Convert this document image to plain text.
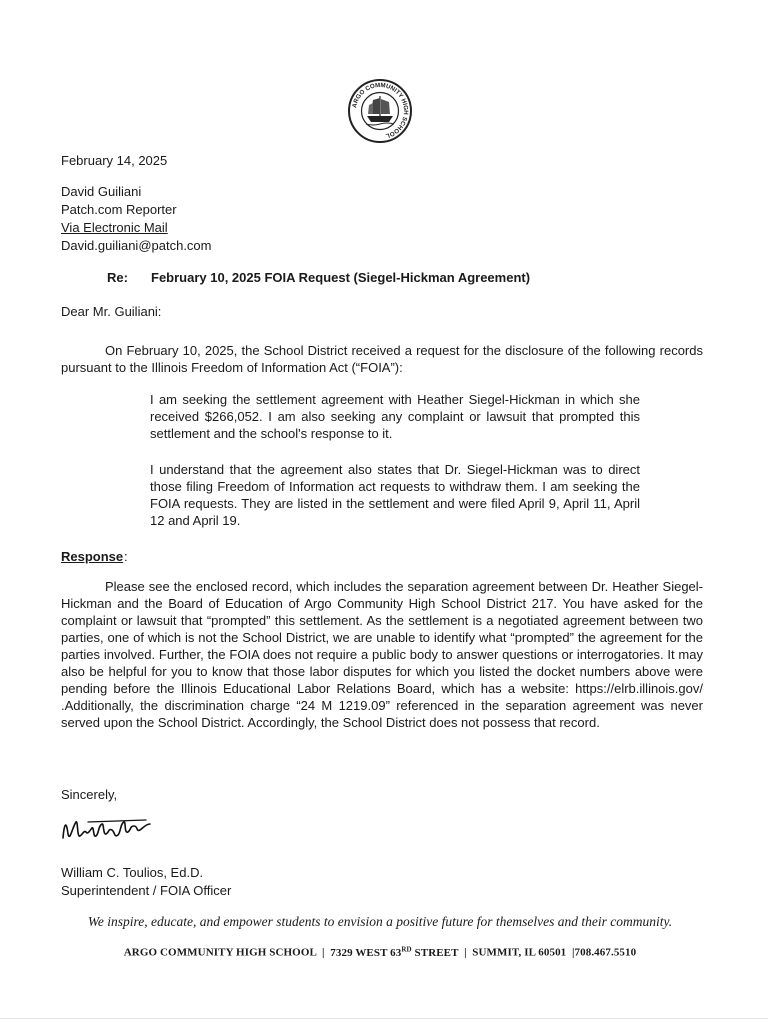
ARGO COMMUNITY HIGH SCHOOL
February 14, 2025
David Guiliani
Patch.com Reporter
Via Electronic Mail
David.guiliani@patch.com
Re: February 10, 2025 FOIA Request (Siegel-Hickman Agreement)
Dear Mr. Guiliani:
On February 10, 2025, the School District received a request for the disclosure of the following records pursuant to the Illinois Freedom of Information Act (“FOIA”):
I am seeking the settlement agreement with Heather Siegel-Hickman in which she received $266,052. I am also seeking any complaint or lawsuit that prompted this settlement and the school's response to it.
I understand that the agreement also states that Dr. Siegel-Hickman was to direct those filing Freedom of Information act requests to withdraw them. I am seeking the FOIA requests. They are listed in the settlement and were filed April 9, April 11, April 12 and April 19.
Response :
Please see the enclosed record, which includes the separation agreement between Dr. Heather Siegel-Hickman and the Board of Education of Argo Community High School District 217. You have asked for the complaint or lawsuit that “prompted” this settlement. As the settlement is a negotiated agreement between two parties, one of which is not the School District, we are unable to identify what “prompted” the agreement for the parties involved. Further, the FOIA does not require a public body to answer questions or interrogatories. It may also be helpful for you to know that those labor disputes for which you listed the docket numbers above were pending before the Illinois Educational Labor Relations Board, which has a website: https://elrb.illinois.gov/ .Additionally, the discrimination charge “24 M 1219.09” referenced in the separation agreement was never served upon the School District. Accordingly, the School District does not possess that record.
Sincerely,
William C. Toulios, Ed.D.
Superintendent / FOIA Officer
We inspire, educate, and empower students to envision a positive future for themselves and their community.
ARGO COMMUNITY HIGH SCHOOL | 7329 WEST 63RD STREET | SUMMIT, IL 60501 |708.467.5510
